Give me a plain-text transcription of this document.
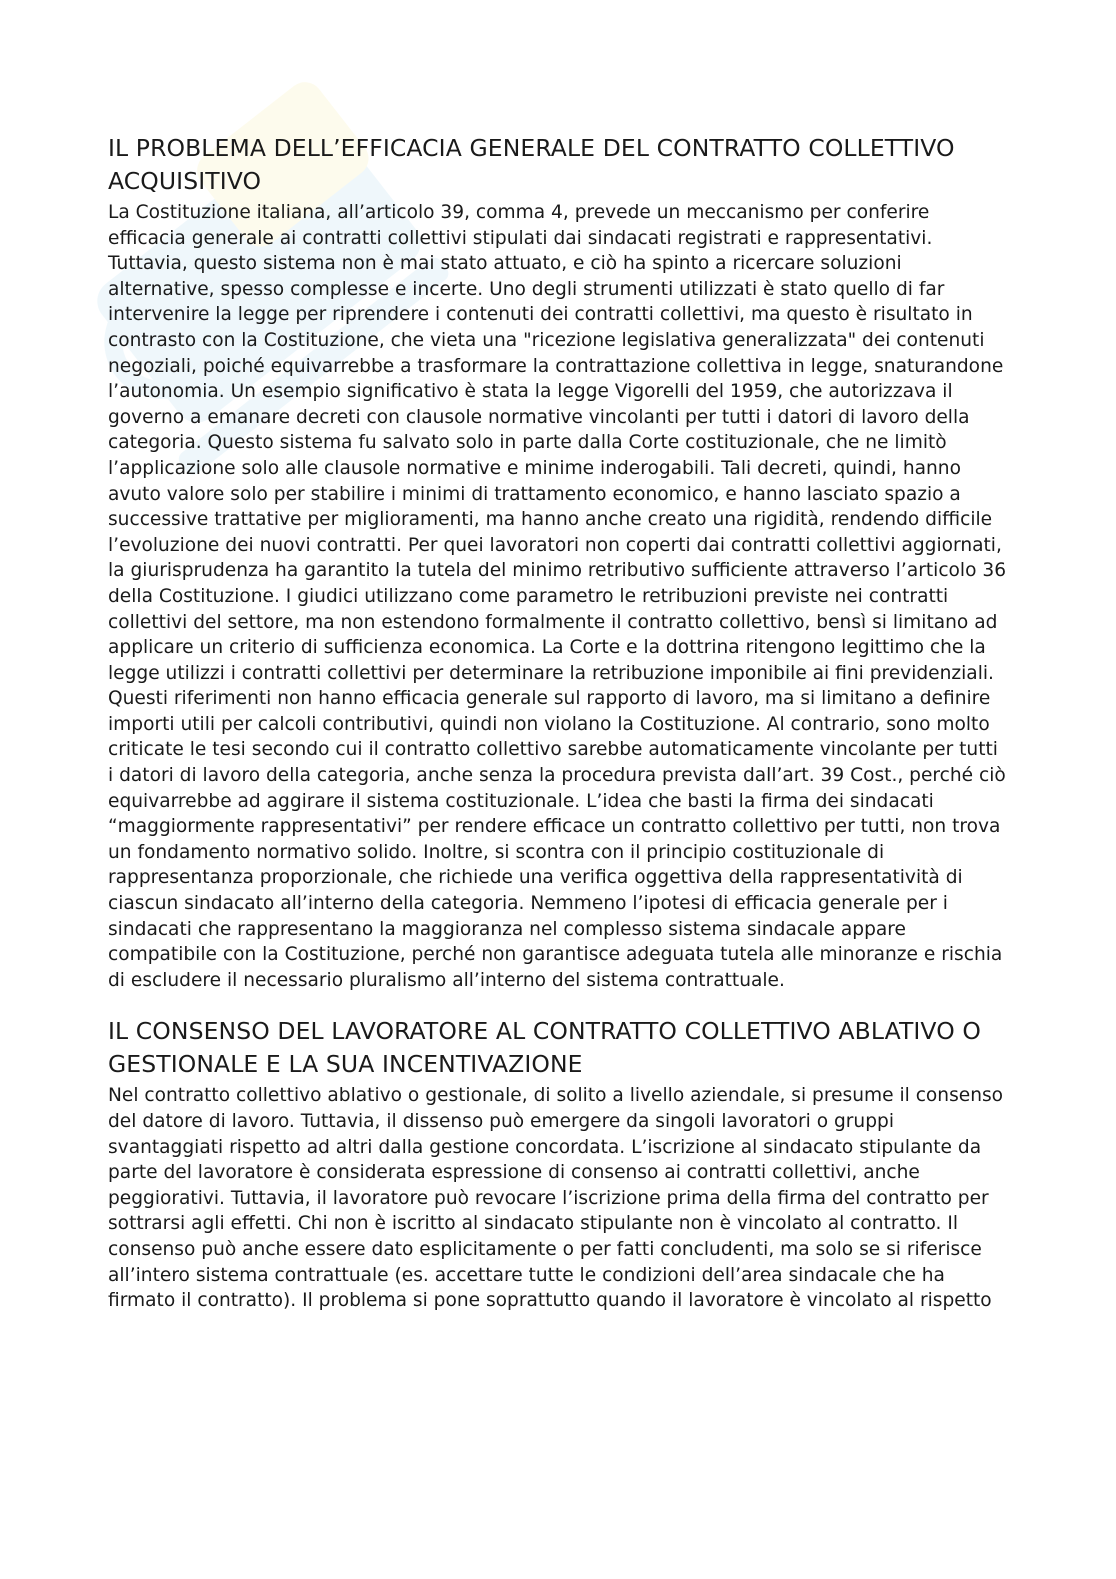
IL PROBLEMA DELL’EFFICACIA GENERALE DEL CONTRATTO COLLETTIVO ACQUISITIVO

La Costituzione italiana, all’articolo 39, comma 4, prevede un meccanismo per conferire efficacia generale ai contratti collettivi stipulati dai sindacati registrati e rappresentativi. Tuttavia, questo sistema non è mai stato attuato, e ciò ha spinto a ricercare soluzioni alternative, spesso complesse e incerte. Uno degli strumenti utilizzati è stato quello di far intervenire la legge per riprendere i contenuti dei contratti collettivi, ma questo è risultato in contrasto con la Costituzione, che vieta una "ricezione legislativa generalizzata" dei contenuti negoziali, poiché equivarrebbe a trasformare la contrattazione collettiva in legge, snaturandone l’autonomia. Un esempio significativo è stata la legge Vigorelli del 1959, che autorizzava il governo a emanare decreti con clausole normative vincolanti per tutti i datori di lavoro della categoria. Questo sistema fu salvato solo in parte dalla Corte costituzionale, che ne limitò l’applicazione solo alle clausole normative e minime inderogabili. Tali decreti, quindi, hanno avuto valore solo per stabilire i minimi di trattamento economico, e hanno lasciato spazio a successive trattative per miglioramenti, ma hanno anche creato una rigidità, rendendo difficile l’evoluzione dei nuovi contratti. Per quei lavoratori non coperti dai contratti collettivi aggiornati, la giurisprudenza ha garantito la tutela del minimo retributivo sufficiente attraverso l’articolo 36 della Costituzione. I giudici utilizzano come parametro le retribuzioni previste nei contratti collettivi del settore, ma non estendono formalmente il contratto collettivo, bensì si limitano ad applicare un criterio di sufficienza economica. La Corte e la dottrina ritengono legittimo che la legge utilizzi i contratti collettivi per determinare la retribuzione imponibile ai fini previdenziali. Questi riferimenti non hanno efficacia generale sul rapporto di lavoro, ma si limitano a definire importi utili per calcoli contributivi, quindi non violano la Costituzione. Al contrario, sono molto criticate le tesi secondo cui il contratto collettivo sarebbe automaticamente vincolante per tutti i datori di lavoro della categoria, anche senza la procedura prevista dall’art. 39 Cost., perché ciò equivarrebbe ad aggirare il sistema costituzionale. L’idea che basti la firma dei sindacati “maggiormente rappresentativi” per rendere efficace un contratto collettivo per tutti, non trova un fondamento normativo solido. Inoltre, si scontra con il principio costituzionale di rappresentanza proporzionale, che richiede una verifica oggettiva della rappresentatività di ciascun sindacato all’interno della categoria. Nemmeno l’ipotesi di efficacia generale per i sindacati che rappresentano la maggioranza nel complesso sistema sindacale appare compatibile con la Costituzione, perché non garantisce adeguata tutela alle minoranze e rischia di escludere il necessario pluralismo all’interno del sistema contrattuale.

IL CONSENSO DEL LAVORATORE AL CONTRATTO COLLETTIVO ABLATIVO O GESTIONALE E LA SUA INCENTIVAZIONE

Nel contratto collettivo ablativo o gestionale, di solito a livello aziendale, si presume il consenso del datore di lavoro. Tuttavia, il dissenso può emergere da singoli lavoratori o gruppi svantaggiati rispetto ad altri dalla gestione concordata. L’iscrizione al sindacato stipulante da parte del lavoratore è considerata espressione di consenso ai contratti collettivi, anche peggiorativi. Tuttavia, il lavoratore può revocare l’iscrizione prima della firma del contratto per sottrarsi agli effetti. Chi non è iscritto al sindacato stipulante non è vincolato al contratto. Il consenso può anche essere dato esplicitamente o per fatti concludenti, ma solo se si riferisce all’intero sistema contrattuale (es. accettare tutte le condizioni dell’area sindacale che ha firmato il contratto). Il problema si pone soprattutto quando il lavoratore è vincolato al rispetto
